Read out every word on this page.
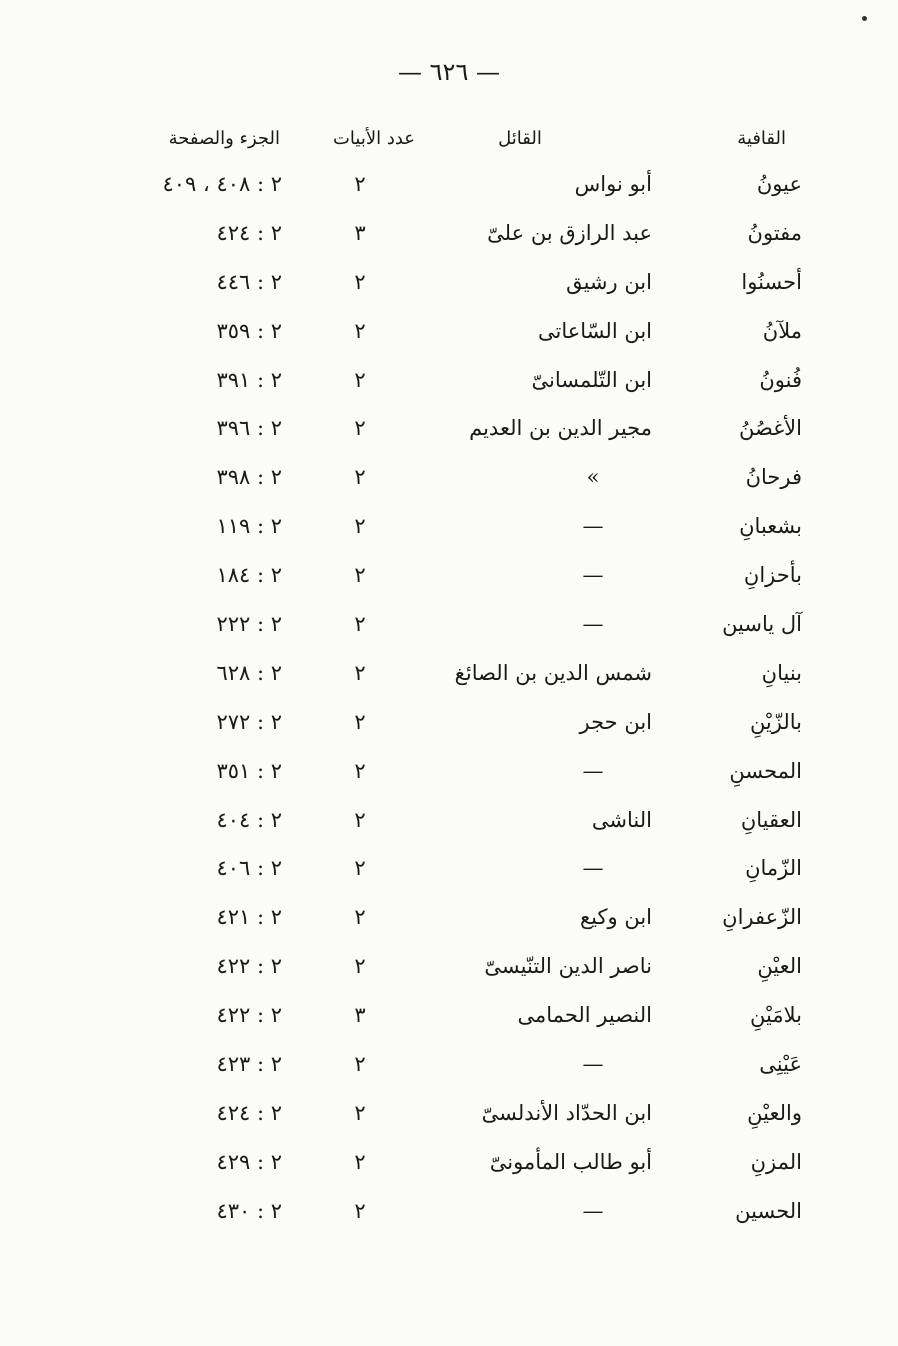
— ٦٢٦ —
القافية
القائل
عدد الأبيات
الجزء والصفحة
عيونُ
أبو نواس
٢
٢ : ٤٠٨ ، ٤٠٩
مفتونُ
عبد الرازق بن علىّ
٣
٢ : ٤٢٤
أحسنُوا
ابن رشيق
٢
٢ : ٤٤٦
ملآنُ
ابن السّاعاتى
٢
٢ : ٣٥٩
فُنونُ
ابن التّلمسانىّ
٢
٢ : ٣٩١
الأغصُنُ
مجير الدين بن العديم
٢
٢ : ٣٩٦
فرحانُ
»
٢
٢ : ٣٩٨
بشعبانِ
—
٢
٢ : ١١٩
بأحزانِ
—
٢
٢ : ١٨٤
آل ياسين
—
٢
٢ : ٢٢٢
بنيانِ
شمس الدين بن الصائغ
٢
٢ : ٦٢٨
بالزّيْنِ
ابن حجر
٢
٢ : ٢٧٢
المحسنِ
—
٢
٢ : ٣٥١
العقيانِ
الناشى
٢
٢ : ٤٠٤
الزّمانِ
—
٢
٢ : ٤٠٦
الزّعفرانِ
ابن وكيع
٢
٢ : ٤٢١
العيْنِ
ناصر الدين التنّيسىّ
٢
٢ : ٤٢٢
بلامَيْنِ
النصير الحمامى
٣
٢ : ٤٢٢
عَيْنِى
—
٢
٢ : ٤٢٣
والعيْنِ
ابن الحدّاد الأندلسىّ
٢
٢ : ٤٢٤
المزنِ
أبو طالب المأمونىّ
٢
٢ : ٤٢٩
الحسين
—
٢
٢ : ٤٣٠
